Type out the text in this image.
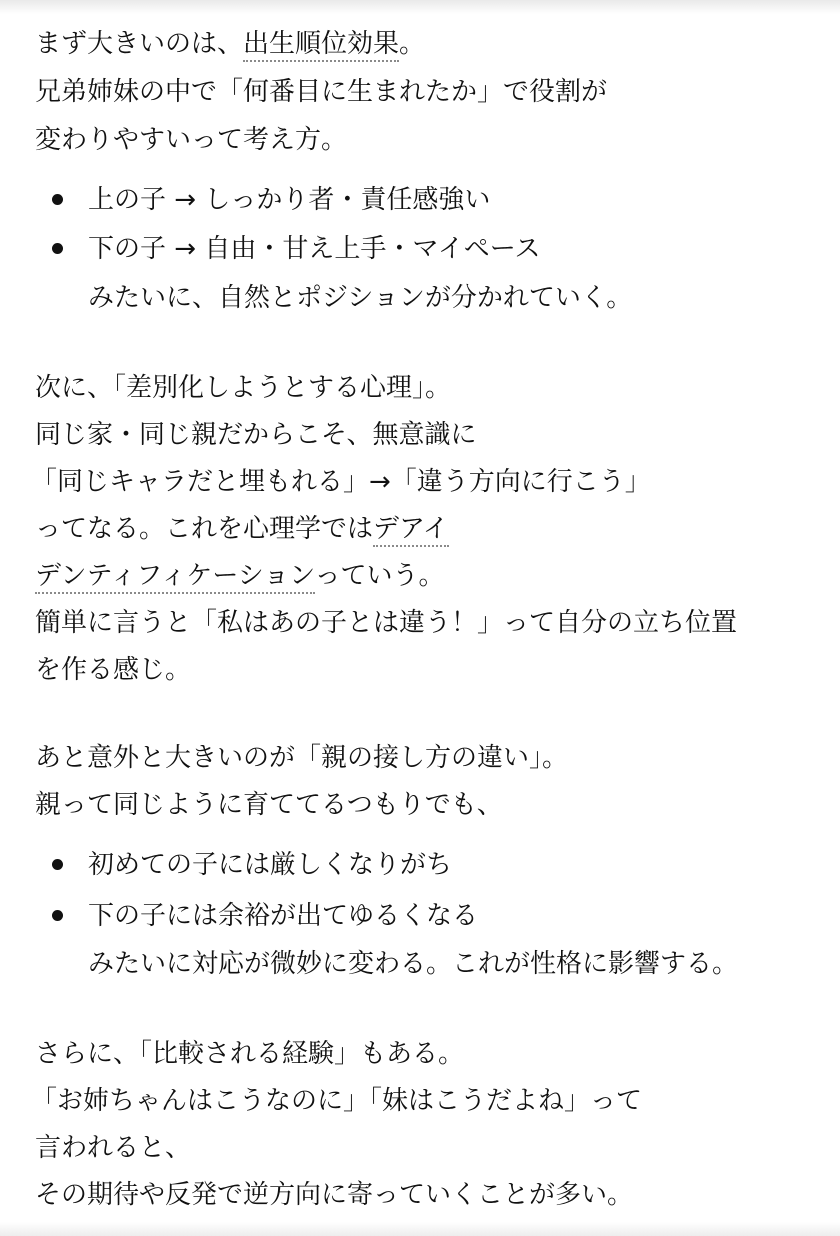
まず大きいのは、出生順位効果。
兄弟姉妹の中で「何番目に生まれたか」で役割が
変わりやすいって考え方。
上の子 → しっかり者・責任感強い
下の子 → 自由・甘え上手・マイペース
みたいに、自然とポジションが分かれていく。
次に、「差別化しようとする心理」。
同じ家・同じ親だからこそ、無意識に
「同じキャラだと埋もれる」→「違う方向に行こう」
ってなる。これを心理学ではデアイ
デンティフィケーションっていう。
簡単に言うと「私はあの子とは違う！」って自分の立ち位置
を作る感じ。
あと意外と大きいのが「親の接し方の違い」。
親って同じように育ててるつもりでも、
初めての子には厳しくなりがち
下の子には余裕が出てゆるくなる
みたいに対応が微妙に変わる。これが性格に影響する。
さらに、「比較される経験」もある。
「お姉ちゃんはこうなのに」「妹はこうだよね」って
言われると、
その期待や反発で逆方向に寄っていくことが多い。
